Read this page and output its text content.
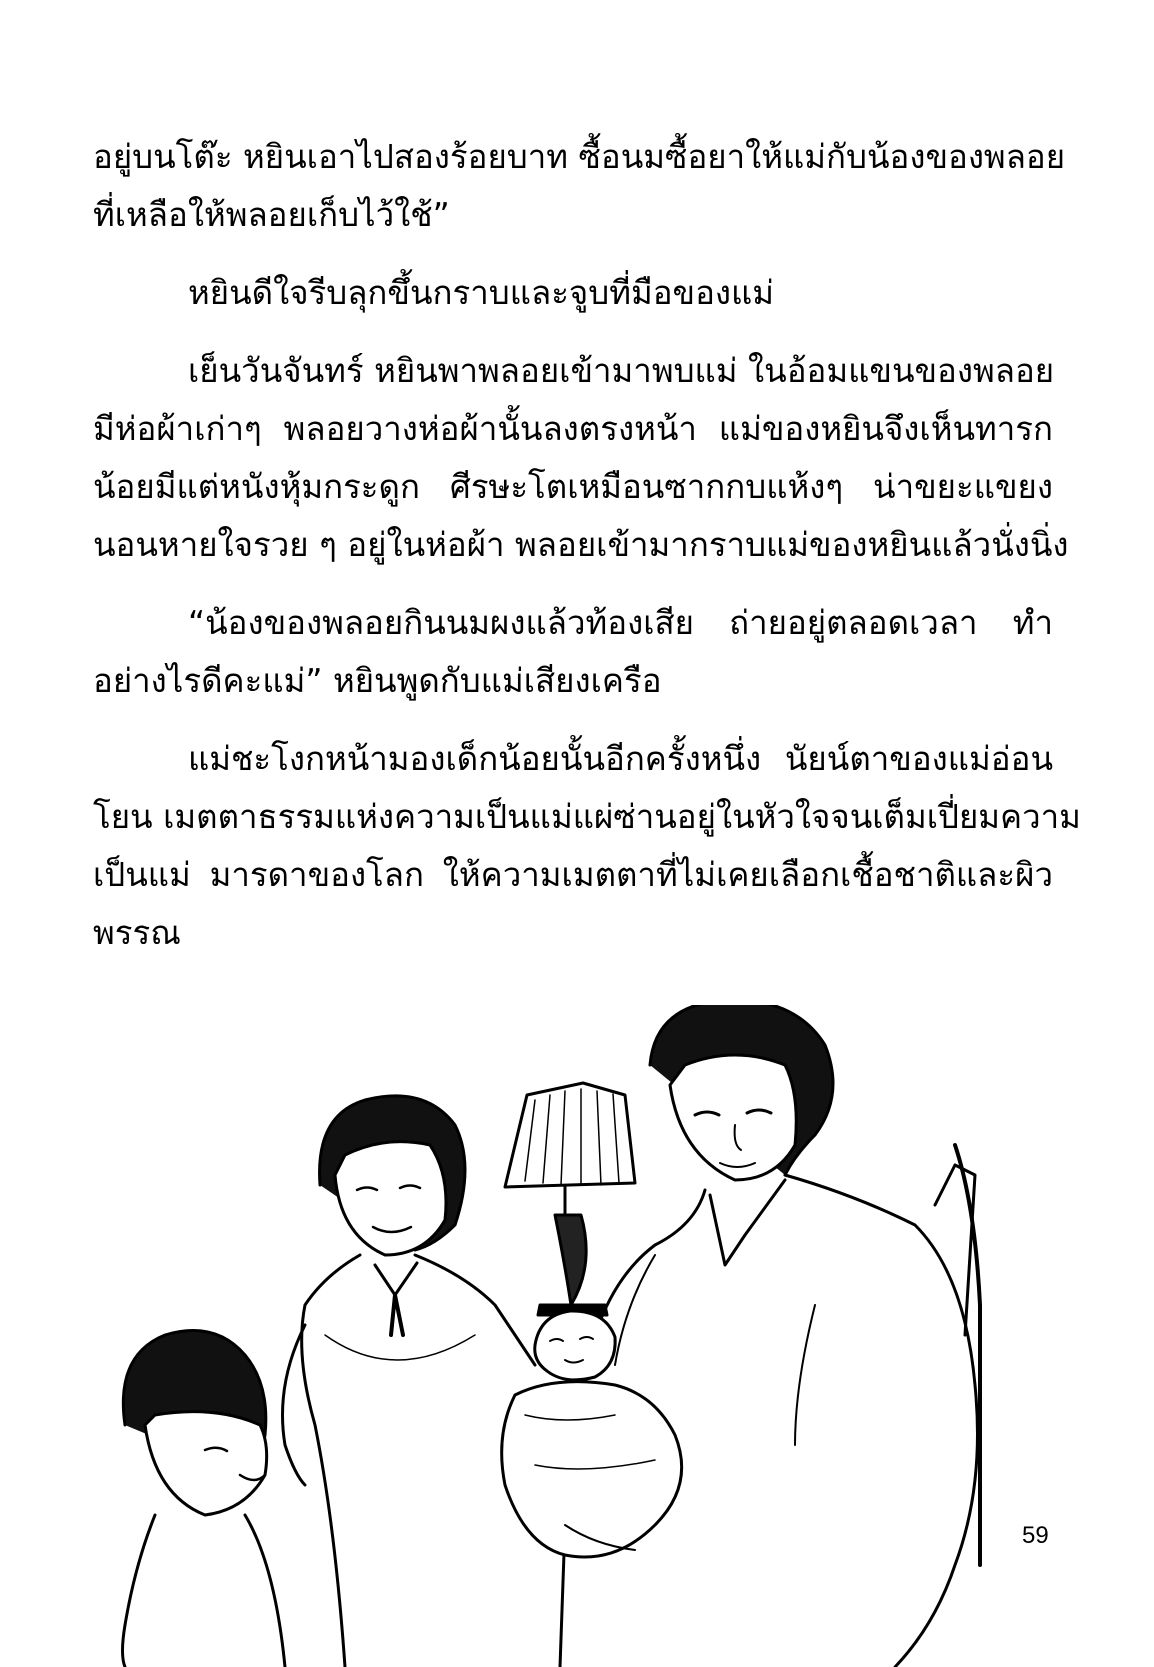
อยู่บนโต๊ะ หยินเอาไปสองร้อยบาท ซื้อนมซื้อยาให้แม่กับน้องของพลอย
ที่เหลือให้พลอยเก็บไว้ใช้”

หยินดีใจรีบลุกขึ้นกราบและจูบที่มือของแม่

เย็นวันจันทร์ หยินพาพลอยเข้ามาพบแม่ ในอ้อมแขนของพลอย
มีห่อผ้าเก่าๆ พลอยวางห่อผ้านั้นลงตรงหน้า แม่ของหยินจึงเห็นทารก
น้อยมีแต่หนังหุ้มกระดูก ศีรษะโตเหมือนซากกบแห้งๆ น่าขยะแขยง
นอนหายใจรวย ๆ อยู่ในห่อผ้า พลอยเข้ามากราบแม่ของหยินแล้วนั่งนิ่ง

“น้องของพลอยกินนมผงแล้วท้องเสีย ถ่ายอยู่ตลอดเวลา ทำ
อย่างไรดีคะแม่” หยินพูดกับแม่เสียงเครือ

แม่ชะโงกหน้ามองเด็กน้อยนั้นอีกครั้งหนึ่ง นัยน์ตาของแม่อ่อน
โยน เมตตาธรรมแห่งความเป็นแม่แผ่ซ่านอยู่ในหัวใจจนเต็มเปี่ยมความ
เป็นแม่ มารดาของโลก ให้ความเมตตาที่ไม่เคยเลือกเชื้อชาติและผิว
พรรณ

59
